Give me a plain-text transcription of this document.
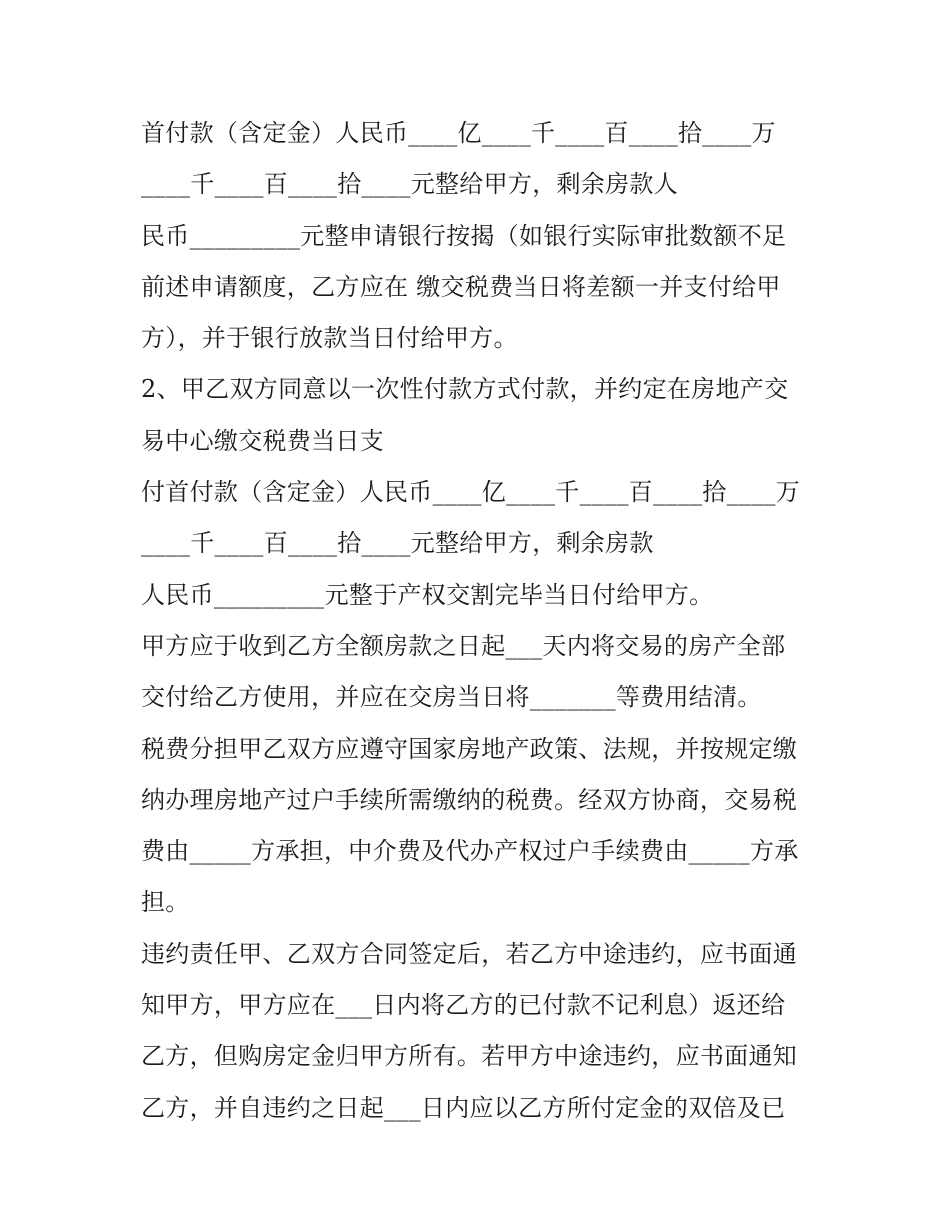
首付款（含定金）人民币____亿____千____百____拾____万
____千____百____拾____元整给甲方，剩余房款人
民币_________元整申请银行按揭（如银行实际审批数额不足
前述申请额度，乙方应在 缴交税费当日将差额一并支付给甲
方），并于银行放款当日付给甲方。
2、甲乙双方同意以一次性付款方式付款，并约定在房地产交
易中心缴交税费当日支
付首付款（含定金）人民币____亿____千____百____拾____万
____千____百____拾____元整给甲方，剩余房款
人民币_________元整于产权交割完毕当日付给甲方。
甲方应于收到乙方全额房款之日起___天内将交易的房产全部
交付给乙方使用，并应在交房当日将_______等费用结清。
税费分担甲乙双方应遵守国家房地产政策、法规，并按规定缴
纳办理房地产过户手续所需缴纳的税费。经双方协商，交易税
费由_____方承担，中介费及代办产权过户手续费由_____方承
担。
违约责任甲、乙双方合同签定后，若乙方中途违约，应书面通
知甲方，甲方应在___日内将乙方的已付款不记利息）返还给
乙方，但购房定金归甲方所有。若甲方中途违约，应书面通知
乙方，并自违约之日起___日内应以乙方所付定金的双倍及已
